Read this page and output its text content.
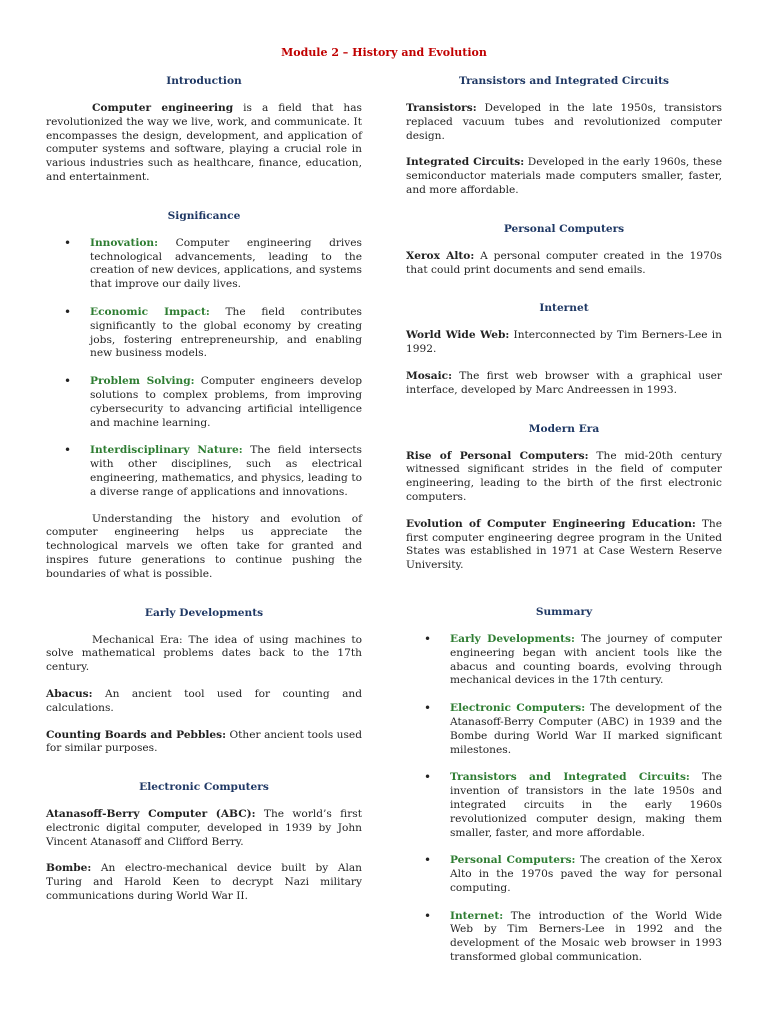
Module 2 – History and Evolution
Introduction

Computer engineering is a field that has revolutionized the way we live, work, and communicate. It encompasses the design, development, and application of computer systems and software, playing a crucial role in various industries such as healthcare, finance, education, and entertainment.

Significance
• Innovation: Computer engineering drives technological advancements, leading to the creation of new devices, applications, and systems that improve our daily lives.
• Economic Impact: The field contributes significantly to the global economy by creating jobs, fostering entrepreneurship, and enabling new business models.
• Problem Solving: Computer engineers develop solutions to complex problems, from improving cybersecurity to advancing artificial intelligence and machine learning.
• Interdisciplinary Nature: The field intersects with other disciplines, such as electrical engineering, mathematics, and physics, leading to a diverse range of applications and innovations.

Understanding the history and evolution of computer engineering helps us appreciate the technological marvels we often take for granted and inspires future generations to continue pushing the boundaries of what is possible.

Early Developments

Mechanical Era: The idea of using machines to solve mathematical problems dates back to the 17th century.

Abacus: An ancient tool used for counting and calculations.

Counting Boards and Pebbles: Other ancient tools used for similar purposes.

Electronic Computers

Atanasoff-Berry Computer (ABC): The world’s first electronic digital computer, developed in 1939 by John Vincent Atanasoff and Clifford Berry.

Bombe: An electro-mechanical device built by Alan Turing and Harold Keen to decrypt Nazi military communications during World War II.

Transistors and Integrated Circuits

Transistors: Developed in the late 1950s, transistors replaced vacuum tubes and revolutionized computer design.

Integrated Circuits: Developed in the early 1960s, these semiconductor materials made computers smaller, faster, and more affordable.

Personal Computers

Xerox Alto: A personal computer created in the 1970s that could print documents and send emails.

Internet

World Wide Web: Interconnected by Tim Berners-Lee in 1992.

Mosaic: The first web browser with a graphical user interface, developed by Marc Andreessen in 1993.

Modern Era

Rise of Personal Computers: The mid-20th century witnessed significant strides in the field of computer engineering, leading to the birth of the first electronic computers.

Evolution of Computer Engineering Education: The first computer engineering degree program in the United States was established in 1971 at Case Western Reserve University.

Summary
• Early Developments: The journey of computer engineering began with ancient tools like the abacus and counting boards, evolving through mechanical devices in the 17th century.
• Electronic Computers: The development of the Atanasoff-Berry Computer (ABC) in 1939 and the Bombe during World War II marked significant milestones.
• Transistors and Integrated Circuits: The invention of transistors in the late 1950s and integrated circuits in the early 1960s revolutionized computer design, making them smaller, faster, and more affordable.
• Personal Computers: The creation of the Xerox Alto in the 1970s paved the way for personal computing.
• Internet: The introduction of the World Wide Web by Tim Berners-Lee in 1992 and the development of the Mosaic web browser in 1993 transformed global communication.
